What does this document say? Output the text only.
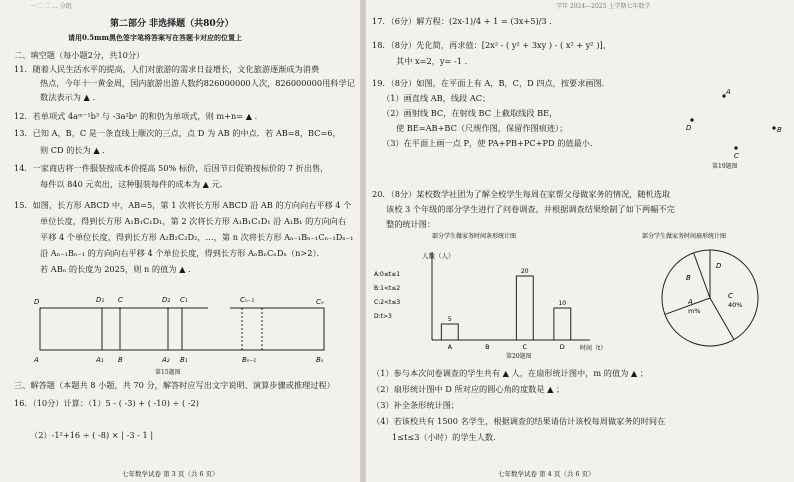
一二 二 … 分组
第二部分 非选择题（共80分）
请用0.5mm黑色签字笔将答案写在答题卡对应的位置上
二、填空题（每小题2分，共10分）
11．随着人民生活水平的提高，人们对旅游的需求日益增长，文化旅游逐渐成为消费
热点，今年十一黄金周，国内旅游出游人数约826000000人次，826000000用科学记
数法表示为 ▲ ．
12．若单项式 4aᵐ⁻¹b³ 与 -3a²bⁿ 的和仍为单项式，则 m+n= ▲ ．
13．已知 A，B，C 是一条直线上顺次的三点，点 D 为 AB 的中点．若 AB=8，BC=6，
则 CD 的长为 ▲ ．
14．一家商店将一件服装按成本价提高 50% 标价，后因节日促销按标价的 7 折出售，
每件以 840 元卖出，这种服装每件的成本为 ▲ 元．
15．如图，长方形 ABCD 中，AB=5，第 1 次将长方形 ABCD 沿 AB 的方向向右平移 4 个
单位长度，得到长方形 A₁B₁C₁D₁，第 2 次将长方形 A₁B₁C₁D₁ 沿 A₁B₁ 的方向向右
平移 4 个单位长度，得到长方形 A₂B₂C₂D₂，…，第 n 次将长方形 Aₙ₋₁Bₙ₋₁Cₙ₋₁Dₙ₋₁
沿 Aₙ₋₁Bₙ₋₁ 的方向向右平移 4 个单位长度，得到长方形 AₙBₙCₙDₙ（n>2）．
若 ABₙ 的长度为 2025，则 n 的值为 ▲ ．
D	D₁ C	D₂ C₁	Cₙ₋₁	Cₙ
A	A₁ B	A₂ B₁	Bₙ₋₁	Bₙ
第15题图
三、解答题（本题共 8 小题，共 70 分，解答时应写出文字说明、演算步骤或推理过程）
16．（10分）计算：（1）5 - ( -3) + ( -10) ÷ ( -2)
（2）-1²+16 ÷ ( -8) × | -3 - 1 |
七年数学试卷 第 3 页（共 6 页）
学年 2024—2025 上学期七年数学
17．（6分）解方程：(2x-1)/4 + 1 = (3x+5)/3 .
18．（8分）先化简，再求值：[2x² - ( y² + 3xy ) - ( x² + y² )]，
其中 x=2，y= -1 .
19．（8分）如图，在平面上有 A，B，C，D 四点，按要求画图．
（1）画直线 AB，线段 AC；
（2）画射线 BC，在射线 BC 上截取线段 BE，
使 BE=AB+BC（尺规作图，保留作图痕迹）；
（3）在平面上画一点 P，使 PA+PB+PC+PD 的值最小．
A
D	B
C
第19题图
20．（8分）某校数学社团为了解全校学生每周在家帮父母做家务的情况，随机选取
该校 3 个年级的部分学生进行了问卷调查，并根据调查结果绘制了如下两幅不完
整的统计图：
部分学生做家务时间条形统计图
人数（人）
时间（t）
A:0≤t≤1
B:1<t≤2
C:2<t≤3
D:t>3	5
A	B
20
C
10
D
部分学生做家务时间扇形统计图
A
m%
B
C
40%
D
第20题图
（1）参与本次问卷调查的学生共有 ▲ 人，在扇形统计图中，m 的值为 ▲ ；
（2）扇形统计图中 D 所对应的圆心角的度数是 ▲ ；
（3）补全条形统计图；
（4）若该校共有 1500 名学生，根据调查的结果请估计该校每周做家务的时间在
1≤t≤3（小时）的学生人数．
七年数学试卷 第 4 页（共 6 页）
